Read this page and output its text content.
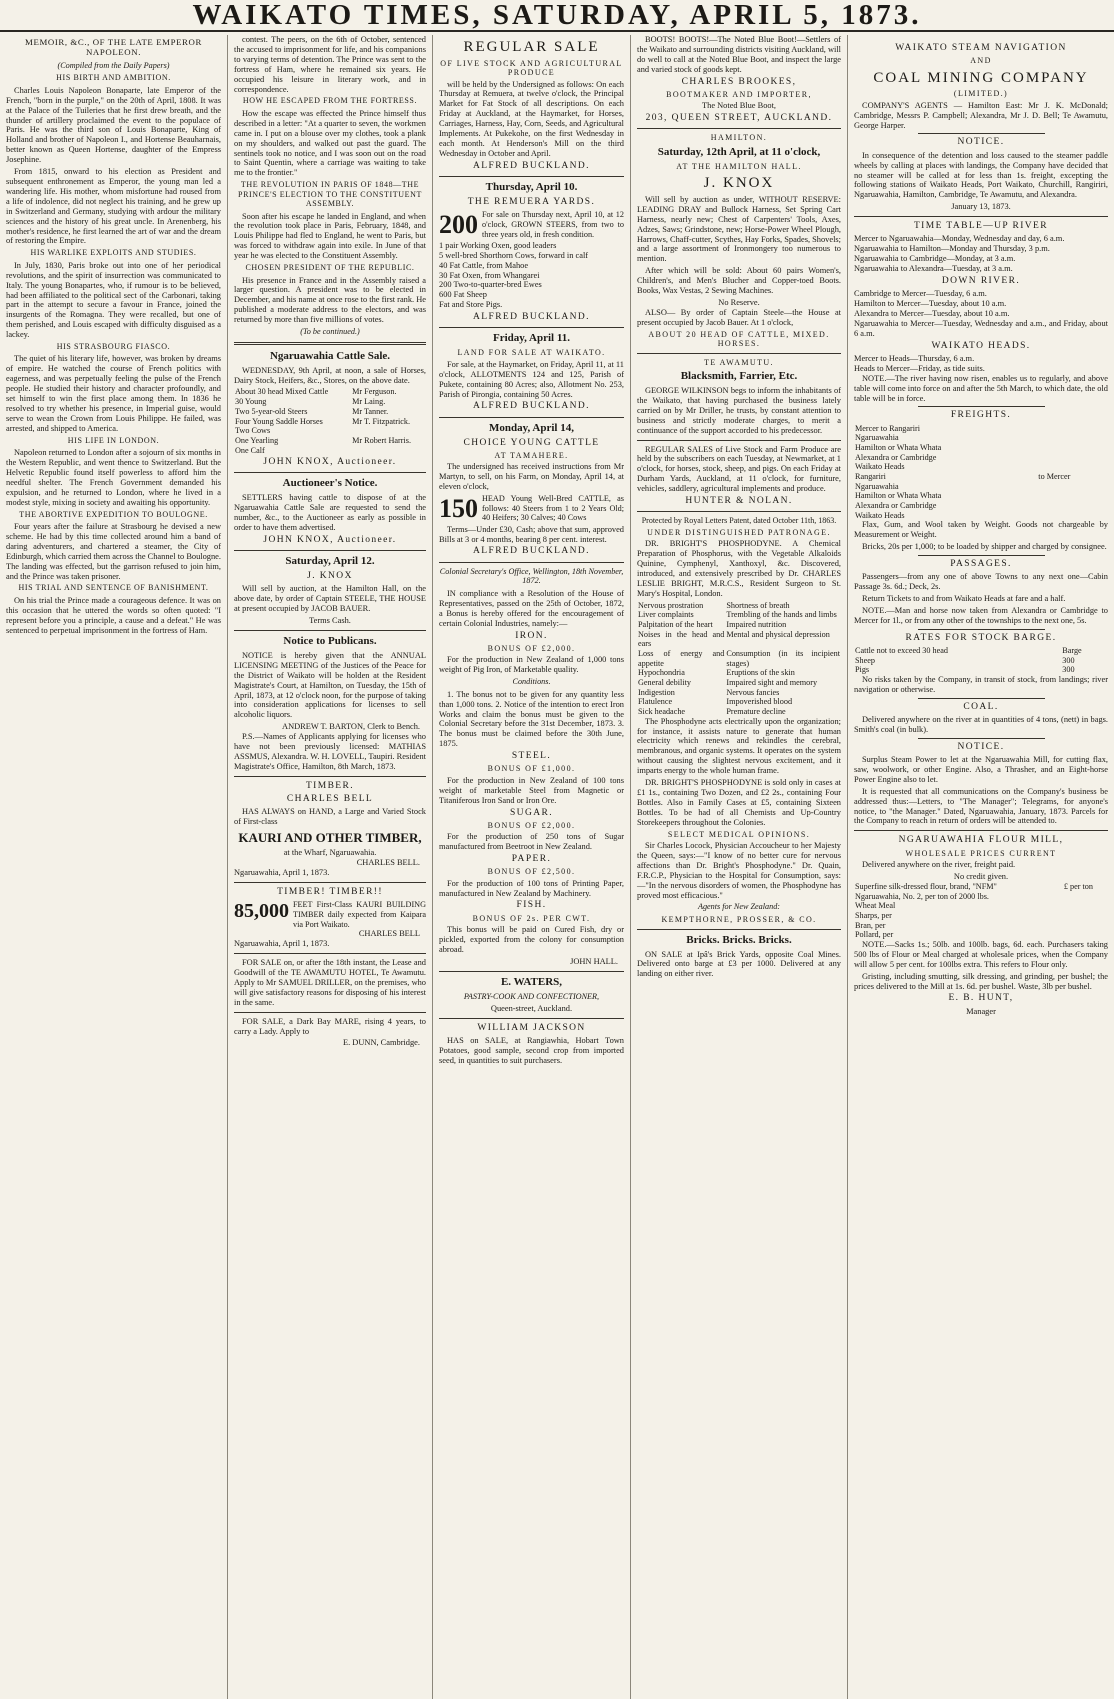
WAIKATO TIMES, SATURDAY, APRIL 5, 1873.
MEMOIR, &C., OF THE LATE EMPEROR NAPOLEON.
(Compiled from the Daily Papers)
HIS BIRTH AND AMBITION.

Charles Louis Napoleon Bonaparte, late Emperor of the French, "born in the purple," on the 20th of April, 1808. It was at the Palace of the Tuileries that he first drew breath, and the thunder of artillery proclaimed the event to the populace of Paris. He was the third son of Louis Bonaparte, King of Holland and brother of Napoleon I., and Hortense Beauharnais, better known as Queen Hortense, daughter of the Empress Josephine.

From 1815, onward to his election as President and subsequent enthronement as Emperor, the young man led a wandering life. His mother, whom misfortune had roused from a life of indolence, did not neglect his training, and he grew up in Switzerland and Germany, studying with ardour the military sciences and the history of his great uncle. In Arenenberg, his mother's residence, he first learned the art of war and the dream of restoring the Empire.

HIS WARLIKE EXPLOITS AND STUDIES.

In July, 1830, Paris broke out into one of her periodical revolutions, and the spirit of insurrection was communicated to Italy. The young Bonapartes, who, if rumour is to be believed, had been affiliated to the political sect of the Carbonari, taking part in the attempt to secure a favour in France, joined the insurgents of the Romagna. They were recalled, but one of them perished, and Louis escaped with difficulty disguised as a lackey.

HIS STRASBOURG FIASCO.

The quiet of his literary life, however, was broken by dreams of empire. He watched the course of French politics with eagerness, and was perpetually feeling the pulse of the French people. He studied their history and character profoundly, and set himself to win the first place among them. In 1836 he resolved to try whether his presence, in Imperial guise, would serve to wean the Crown from Louis Philippe. He failed, was arrested, and shipped to America.

HIS LIFE IN LONDON.

Napoleon returned to London after a sojourn of six months in the Western Republic, and went thence to Switzerland. But the Helvetic Republic found itself powerless to afford him the needful shelter. The French Government demanded his expulsion, and he returned to London, where he lived in a modest style, mixing in society and awaiting his opportunity.

THE ABORTIVE EXPEDITION TO BOULOGNE.

Four years after the failure at Strasbourg he devised a new scheme. He had by this time collected around him a band of daring adventurers, and chartered a steamer, the City of Edinburgh, which carried them across the Channel to Boulogne. The landing was effected, but the garrison refused to join him, and the Prince was taken prisoner.

HIS TRIAL AND SENTENCE OF BANISHMENT.

On his trial the Prince made a courageous defence. It was on this occasion that he uttered the words so often quoted: "I represent before you a principle, a cause and a defeat." He was sentenced to perpetual imprisonment in the fortress of Ham.

contest. The peers, on the 6th of October, sentenced the accused to imprisonment for life, and his companions to varying terms of detention. The Prince was sent to the fortress of Ham, where he remained six years. He occupied his leisure in literary work, and in correspondence.

HOW HE ESCAPED FROM THE FORTRESS.

How the escape was effected the Prince himself thus described in a letter: "At a quarter to seven, the workmen came in. I put on a blouse over my clothes, took a plank on my shoulders, and walked out past the guard. The sentinels took no notice, and I was soon out on the road to Saint Quentin, where a carriage was waiting to take me to the frontier."

THE REVOLUTION IN PARIS OF 1848—THE PRINCE'S ELECTION TO THE CONSTITUENT ASSEMBLY.

Soon after his escape he landed in England, and when the revolution took place in Paris, February, 1848, and Louis Philippe had fled to England, he went to Paris, but was forced to withdraw again into exile. In June of that year he was elected to the Constituent Assembly.

CHOSEN PRESIDENT OF THE REPUBLIC.

His presence in France and in the Assembly raised a larger question. A president was to be elected in December, and his name at once rose to the first rank. He published a moderate address to the electors, and was returned by more than five millions of votes.

(To be continued.)
Ngaruawahia Cattle Sale.

WEDNESDAY, 9th April, at noon, a sale of Horses, Dairy Stock, Heifers, &c., Stores, on the above date.

About 30 head Mixed Cattle	Mr Ferguson.
30 Young	Mr Laing.
Two 5-year-old Steers	Mr Tanner.
Four Young Saddle Horses	Mr T. Fitzpatrick.
Two Cows	
One Yearling	Mr Robert Harris.
One Calf	
JOHN KNOX, Auctioneer.
Auctioneer's Notice.

SETTLERS having cattle to dispose of at the Ngaruawahia Cattle Sale are requested to send the number, &c., to the Auctioneer as early as possible in order to have them advertised.

JOHN KNOX, Auctioneer.
Saturday, April 12.
J. KNOX

Will sell by auction, at the Hamilton Hall, on the above date, by order of Captain STEELE, THE HOUSE at present occupied by JACOB BAUER.

Terms Cash.
Notice to Publicans.

NOTICE is hereby given that the ANNUAL LICENSING MEETING of the Justices of the Peace for the District of Waikato will be holden at the Resident Magistrate's Court, at Hamilton, on Tuesday, the 15th of April, 1873, at 12 o'clock noon, for the purpose of taking into consideration applications for licenses to sell alcoholic liquors.

ANDREW T. BARTON, Clerk to Bench.

P.S.—Names of Applicants applying for licenses who have not been previously licensed: MATHIAS ASSMUS, Alexandra. W. H. LOVELL, Taupiri. Resident Magistrate's Office, Hamilton, 8th March, 1873.

TIMBER.
CHARLES BELL

HAS ALWAYS on HAND, a Large and Varied Stock of First-class

KAURI AND OTHER TIMBER,
at the Wharf, Ngaruawahia.
CHARLES BELL.
Ngaruawahia, April 1, 1873.
TIMBER! TIMBER!!
85,000 FEET First-Class KAURI BUILDING TIMBER daily expected from Kaipara via Port Waikato.
CHARLES BELL
Ngaruawahia, April 1, 1873.

FOR SALE on, or after the 18th instant, the Lease and Goodwill of the TE AWAMUTU HOTEL, Te Awamutu. Apply to Mr SAMUEL DRILLER, on the premises, who will give satisfactory reasons for disposing of his interest in the same.

FOR SALE, a Dark Bay MARE, rising 4 years, to carry a Lady. Apply to

E. DUNN, Cambridge.
REGULAR SALE
OF LIVE STOCK AND AGRICULTURAL PRODUCE

will be held by the Undersigned as follows: On each Thursday at Remuera, at twelve o'clock, the Principal Market for Fat Stock of all descriptions. On each Friday at Auckland, at the Haymarket, for Horses, Carriages, Harness, Hay, Corn, Seeds, and Agricultural Implements. At Pukekohe, on the first Wednesday in each month. At Henderson's Mill on the third Wednesday in October and April.

ALFRED BUCKLAND.
Thursday, April 10.
THE REMUERA YARDS.
200 For sale on Thursday next, April 10, at 12 o'clock, GROWN STEERS, from two to three years old, in fresh condition.
1 pair Working Oxen, good leaders
5 well-bred Shorthorn Cows, forward in calf
40 Fat Cattle, from Mahoe
30 Fat Oxen, from Whangarei
200 Two-to-quarter-bred Ewes
600 Fat Sheep
Fat and Store Pigs.
ALFRED BUCKLAND.
Friday, April 11.
LAND FOR SALE AT WAIKATO.

For sale, at the Haymarket, on Friday, April 11, at 11 o'clock, ALLOTMENTS 124 and 125, Parish of Pukete, containing 80 Acres; also, Allotment No. 253, Parish of Pirongia, containing 50 Acres.

ALFRED BUCKLAND.
Monday, April 14,
CHOICE YOUNG CATTLE
AT TAMAHERE.

The undersigned has received instructions from Mr Martyn, to sell, on his Farm, on Monday, April 14, at eleven o'clock,

150 HEAD Young Well-Bred CATTLE, as follows: 40 Steers from 1 to 2 Years Old; 40 Heifers; 30 Calves; 40 Cows

Terms—Under £30, Cash; above that sum, approved Bills at 3 or 4 months, bearing 8 per cent. interest.

ALFRED BUCKLAND.
Colonial Secretary's Office, Wellington, 18th November, 1872.

IN compliance with a Resolution of the House of Representatives, passed on the 25th of October, 1872, a Bonus is hereby offered for the encouragement of certain Colonial Industries, namely:—

IRON.
BONUS OF £2,000.

For the production in New Zealand of 1,000 tons weight of Pig Iron, of Marketable quality.

Conditions.

1. The bonus not to be given for any quantity less than 1,000 tons. 2. Notice of the intention to erect Iron Works and claim the bonus must be given to the Colonial Secretary before the 31st December, 1873. 3. The bonus must be claimed before the 30th June, 1875.

STEEL.
BONUS OF £1,000.

For the production in New Zealand of 100 tons weight of marketable Steel from Magnetic or Titaniferous Iron Sand or Iron Ore.

SUGAR.
BONUS OF £2,000.

For the production of 250 tons of Sugar manufactured from Beetroot in New Zealand.

PAPER.
BONUS OF £2,500.

For the production of 100 tons of Printing Paper, manufactured in New Zealand by Machinery.

FISH.
BONUS OF 2s. PER CWT.

This bonus will be paid on Cured Fish, dry or pickled, exported from the colony for consumption abroad.

JOHN HALL.
E. WATERS,
PASTRY-COOK AND CONFECTIONER,
Queen-street, Auckland.
WILLIAM JACKSON

HAS on SALE, at Rangiawhia, Hobart Town Potatoes, good sample, second crop from imported seed, in quantities to suit purchasers.

BOOTS! BOOTS!—The Noted Blue Boot!—Settlers of the Waikato and surrounding districts visiting Auckland, will do well to call at the Noted Blue Boot, and inspect the large and varied stock of goods kept.

CHARLES BROOKES,
BOOTMAKER AND IMPORTER,
The Noted Blue Boot,
203, QUEEN STREET, AUCKLAND.
HAMILTON.
Saturday, 12th April, at 11 o'clock,
AT THE HAMILTON HALL.
J. KNOX

Will sell by auction as under, WITHOUT RESERVE: LEADING DRAY and Bullock Harness, Set Spring Cart Harness, nearly new; Chest of Carpenters' Tools, Axes, Adzes, Saws; Grindstone, new; Horse-Power Wheel Plough, Harrows, Chaff-cutter, Scythes, Hay Forks, Spades, Shovels; and a large assortment of Ironmongery too numerous to mention.

After which will be sold: About 60 pairs Women's, Children's, and Men's Blucher and Copper-toed Boots. Books, Wax Vestas, 2 Sewing Machines.

No Reserve.

ALSO— By order of Captain Steele—the House at present occupied by Jacob Bauer. At 1 o'clock,

ABOUT 20 HEAD OF CATTLE, MIXED. HORSES.
TE AWAMUTU.
Blacksmith, Farrier, Etc.

GEORGE WILKINSON begs to inform the inhabitants of the Waikato, that having purchased the business lately carried on by Mr Driller, he trusts, by constant attention to business and strictly moderate charges, to merit a continuance of the support accorded to his predecessor.

REGULAR SALES of Live Stock and Farm Produce are held by the subscribers on each Tuesday, at Newmarket, at 1 o'clock, for horses, stock, sheep, and pigs. On each Friday at Durham Yards, Auckland, at 11 o'clock, for furniture, vehicles, saddlery, agricultural implements and produce.

HUNTER & NOLAN.
Protected by Royal Letters Patent, dated October 11th, 1863.
UNDER DISTINGUISHED PATRONAGE.

DR. BRIGHT'S PHOSPHODYNE. A Chemical Preparation of Phosphorus, with the Vegetable Alkaloids Quinine, Cymphenyl, Xanthoxyl, &c. Discovered, introduced, and extensively prescribed by Dr. CHARLES LESLIE BRIGHT, M.R.C.S., Resident Surgeon to St. Mary's Hospital, London.

Nervous prostration	Shortness of breath
Liver complaints	Trembling of the hands and limbs
Palpitation of the heart	Impaired nutrition
Noises in the head and ears	Mental and physical depression
Loss of energy and appetite	Consumption (in its incipient stages)
Hypochondria	Eruptions of the skin
General debility	Impaired sight and memory
Indigestion	Nervous fancies
Flatulence	Impoverished blood
Sick headache	Premature decline

The Phosphodyne acts electrically upon the organization; for instance, it assists nature to generate that human electricity which renews and rekindles the cerebral, membranous, and organic systems. It operates on the system without causing the slightest nervous excitement, and it imparts energy to the whole human frame.

DR. BRIGHT'S PHOSPHODYNE is sold only in cases at £1 1s., containing Two Dozen, and £2 2s., containing Four Bottles. Also in Family Cases at £5, containing Sixteen Bottles. To be had of all Chemists and Up-Country Storekeepers throughout the Colonies.

SELECT MEDICAL OPINIONS.

Sir Charles Locock, Physician Accoucheur to her Majesty the Queen, says:—"I know of no better cure for nervous affections than Dr. Bright's Phosphodyne." Dr. Quain, F.R.C.P., Physician to the Hospital for Consumption, says:—"In the nervous disorders of women, the Phosphodyne has proved most efficacious."

Agents for New Zealand:
KEMPTHORNE, PROSSER, & CO.
Bricks. Bricks. Bricks.

ON SALE at Ipâ's Brick Yards, opposite Coal Mines. Delivered onto barge at £3 per 1000. Delivered at any landing on either river.

WAIKATO STEAM NAVIGATION
AND
COAL MINING COMPANY
(LIMITED.)

COMPANY'S AGENTS — Hamilton East: Mr J. K. McDonald; Cambridge, Messrs P. Campbell; Alexandra, Mr J. D. Bell; Te Awamutu, George Harper.

NOTICE.

In consequence of the detention and loss caused to the steamer paddle wheels by calling at places with landings, the Company have decided that no steamer will be called at for less than 1s. freight, excepting the following stations of Waikato Heads, Port Waikato, Churchill, Rangiriri, Ngaruawahia, Hamilton, Cambridge, Te Awamutu, and Alexandra.

January 13, 1873.
TIME TABLE—UP RIVER
Mercer to Ngaruawahia—Monday, Wednesday and day, 6 a.m.
Ngaruawahia to Hamilton—Monday and Thursday, 3 p.m.
Ngaruawahia to Cambridge—Monday, at 3 a.m.
Ngaruawahia to Alexandra—Tuesday, at 3 a.m.
DOWN RIVER.
Cambridge to Mercer—Tuesday, 6 a.m.
Hamilton to Mercer—Tuesday, about 10 a.m.
Alexandra to Mercer—Tuesday, about 10 a.m.
Ngaruawahia to Mercer—Tuesday, Wednesday and a.m., and Friday, about 6 a.m.
WAIKATO HEADS.
Mercer to Heads—Thursday, 6 a.m.
Heads to Mercer—Friday, as tide suits.

NOTE.—The river having now risen, enables us to regularly, and above table will come into force on and after the 5th March, to which date, the old table will be in force.

FREIGHTS.
Mercer to Rangariri	
Ngaruawahia	
Hamilton or Whata Whata	
Alexandra or Cambridge	
Waikato Heads	
Rangariri	to Mercer
Ngaruawahia	
Hamilton or Whata Whata	
Alexandra or Cambridge	
Waikato Heads	

Flax, Gum, and Wool taken by Weight. Goods not chargeable by Measurement or Weight.

Bricks, 20s per 1,000; to be loaded by shipper and charged by consignee.

PASSAGES.

Passengers—from any one of above Towns to any next one—Cabin Passage 3s. 6d.; Deck, 2s.

Return Tickets to and from Waikato Heads at fare and a half.

NOTE.—Man and horse now taken from Alexandra or Cambridge to Mercer for 1l., or from any other of the townships to the next one, 5s.

RATES FOR STOCK BARGE.
Cattle not to exceed 30 head	Barge
Sheep	300
Pigs	300

No risks taken by the Company, in transit of stock, from landings; river navigation or otherwise.

COAL.

Delivered anywhere on the river at in quantities of 4 tons, (nett) in bags. Smith's coal (in bulk).

NOTICE.

Surplus Steam Power to let at the Ngaruawahia Mill, for cutting flax, saw, woolwork, or other Engine. Also, a Thrasher, and an Eight-horse Power Engine also to let.

It is requested that all communications on the Company's business be addressed thus:—Letters, to "The Manager"; Telegrams, for anyone's notice, to "the Manager." Dated, Ngaruawahia, January, 1873. Parcels for the Company to reach in return of orders will be attended to.

NGARUAWAHIA FLOUR MILL,
WHOLESALE PRICES CURRENT

Delivered anywhere on the river, freight paid.

No credit given.
Superfine silk-dressed flour, brand, "NFM"	£ per ton
Ngaruawahia, No. 2, per ton of 2000 lbs.	
Wheat Meal	
Sharps, per	
Bran, per	
Pollard, per	

NOTE.—Sacks 1s.; 50lb. and 100lb. bags, 6d. each. Purchasers taking 500 lbs of Flour or Meal charged at wholesale prices, when the Company will allow 5 per cent. for 100lbs extra. This refers to Flour only.

Gristing, including smutting, silk dressing, and grinding, per bushel; the prices delivered to the Mill at 1s. 6d. per bushel. Waste, 3lb per bushel.

E. B. HUNT,
Manager
